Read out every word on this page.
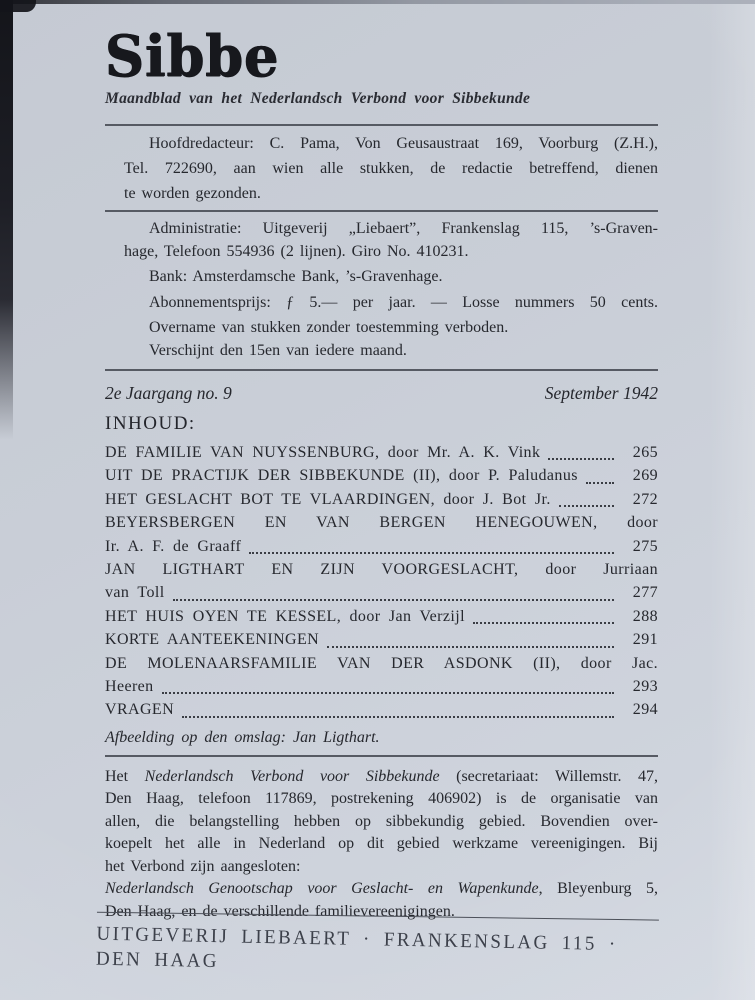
Sibbe
Maandblad van het Nederlandsch Verbond voor Sibbekunde
Hoofdredacteur: C. Pama, Von Geusaustraat 169, Voorburg (Z.H.),
Tel. 722690, aan wien alle stukken, de redactie betreffend, dienen
te worden gezonden.
Administratie: Uitgeverij „Liebaert”, Frankenslag 115, ’s-Graven-
hage, Telefoon 554936 (2 lijnen). Giro No. 410231.
Bank: Amsterdamsche Bank, ’s-Gravenhage.
Abonnementsprijs: ƒ 5.— per jaar. — Losse nummers 50 cents.
Overname van stukken zonder toestemming verboden.
Verschijnt den 15en van iedere maand.
2e Jaargang no. 9	September 1942
INHOUD:
DE FAMILIE VAN NUYSSENBURG, door Mr. A. K. Vink	265
UIT DE PRACTIJK DER SIBBEKUNDE (II), door P. Paludanus	269
HET GESLACHT BOT TE VLAARDINGEN, door J. Bot Jr.	272
BEYERSBERGEN EN VAN BERGEN HENEGOUWEN, door
Ir. A. F. de Graaff	275
JAN LIGTHART EN ZIJN VOORGESLACHT, door Jurriaan
van Toll	277
HET HUIS OYEN TE KESSEL, door Jan Verzijl	288
KORTE AANTEEKENINGEN	291
DE MOLENAARSFAMILIE VAN DER ASDONK (II), door Jac.
Heeren	293
VRAGEN	294
Afbeelding op den omslag: Jan Ligthart.
Het Nederlandsch Verbond voor Sibbekunde (secretariaat: Willemstr. 47,
Den Haag, telefoon 117869, postrekening 406902) is de organisatie van
allen, die belangstelling hebben op sibbekundig gebied. Bovendien over-
koepelt het alle in Nederland op dit gebied werkzame vereenigingen. Bij
het Verbond zijn aangesloten:
Nederlandsch Genootschap voor Geslacht- en Wapenkunde, Bleyenburg 5,
Den Haag, en de verschillende familievereenigingen.
UITGEVERIJ LIEBAERT · FRANKENSLAG 115 · DEN HAAG
